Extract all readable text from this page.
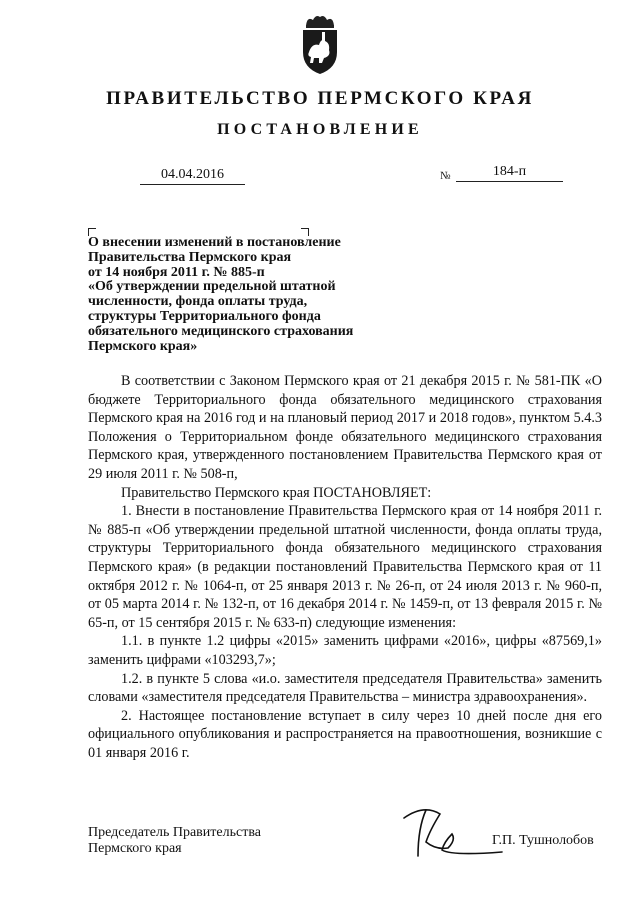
ПРАВИТЕЛЬСТВО ПЕРМСКОГО КРАЯ
ПОСТАНОВЛЕНИЕ
04.04.2016	№	184-п
О внесении изменений в постановление
Правительства Пермского края
от 14 ноября 2011 г. № 885-п
«Об утверждении предельной штатной
численности, фонда оплаты труда,
структуры Территориального фонда
обязательного медицинского страхования
Пермского края»

В соответствии с Законом Пермского края от 21 декабря 2015 г. № 581-ПК «О бюджете Территориального фонда обязательного медицинского страхования Пермского края на 2016 год и на плановый период 2017 и 2018 годов», пунктом 5.4.3 Положения о Территориальном фонде обязательного медицинского страхования Пермского края, утвержденного постановлением Правительства Пермского края от 29 июля 2011 г. № 508-п,

Правительство Пермского края ПОСТАНОВЛЯЕТ:

1. Внести в постановление Правительства Пермского края от 14 ноября 2011 г. № 885-п «Об утверждении предельной штатной численности, фонда оплаты труда, структуры Территориального фонда обязательного медицинского страхования Пермского края» (в редакции постановлений Правительства Пермского края от 11 октября 2012 г. № 1064-п, от 25 января 2013 г. № 26-п, от 24 июля 2013 г. № 960-п, от 05 марта 2014 г. № 132-п, от 16 декабря 2014 г. № 1459-п, от 13 февраля 2015 г. № 65-п, от 15 сентября 2015 г. № 633-п) следующие изменения:

1.1. в пункте 1.2 цифры «2015» заменить цифрами «2016», цифры «87569,1» заменить цифрами «103293,7»;

1.2. в пункте 5 слова «и.о. заместителя председателя Правительства» заменить словами «заместителя председателя Правительства – министра здравоохранения».

2. Настоящее постановление вступает в силу через 10 дней после дня его официального опубликования и распространяется на правоотношения, возникшие с 01 января 2016 г.

Председатель Правительства
Пермского края
Г.П. Тушнолобов
